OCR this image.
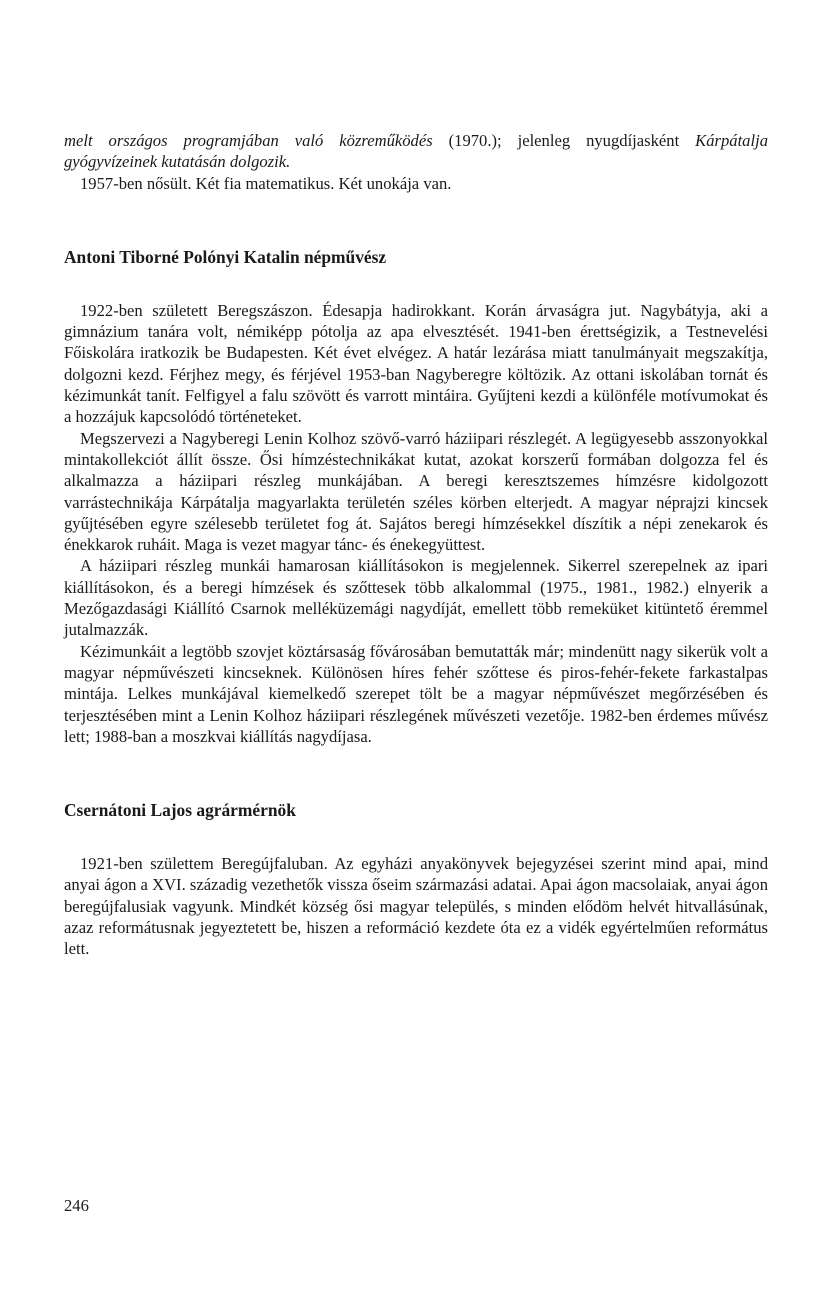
melt országos programjában való közreműködés (1970.); jelenleg nyugdíjasként Kárpátalja gyógyvízeinek kutatásán dolgozik.

1957-ben nősült. Két fia matematikus. Két unokája van.

Antoni Tiborné Polónyi Katalin népművész

1922-ben született Beregszászon. Édesapja hadirokkant. Korán árvaságra jut. Nagybátyja, aki a gimnázium tanára volt, némiképp pótolja az apa elvesztését. 1941-ben érettségizik, a Testnevelési Főiskolára iratkozik be Budapesten. Két évet elvégez. A határ lezárása miatt tanulmányait megszakítja, dolgozni kezd. Férjhez megy, és férjével 1953-ban Nagyberegre költözik. Az ottani iskolában tornát és kézimunkát tanít. Felfigyel a falu szövött és varrott mintáira. Gyűjteni kezdi a különféle motívumokat és a hozzájuk kapcsolódó történeteket.

Megszervezi a Nagyberegi Lenin Kolhoz szövő-varró háziipari részlegét. A legügyesebb asszonyokkal mintakollekciót állít össze. Ősi hímzéstechnikákat kutat, azokat korszerű formában dolgozza fel és alkalmazza a háziipari részleg munkájában. A beregi keresztszemes hímzésre kidolgozott varrástechnikája Kárpátalja magyarlakta területén széles körben elterjedt. A magyar néprajzi kincsek gyűjtésében egyre szélesebb területet fog át. Sajátos beregi hímzésekkel díszítik a népi zenekarok és énekkarok ruháit. Maga is vezet magyar tánc- és énekegyüttest.

A háziipari részleg munkái hamarosan kiállításokon is megjelennek. Sikerrel szerepelnek az ipari kiállításokon, és a beregi hímzések és szőttesek több alkalommal (1975., 1981., 1982.) elnyerik a Mezőgazdasági Kiállító Csarnok melléküzemági nagydíját, emellett több remeküket kitüntető éremmel jutalmazzák.

Kézimunkáit a legtöbb szovjet köztársaság fővárosában bemutatták már; mindenütt nagy sikerük volt a magyar népművészeti kincseknek. Különösen híres fehér szőttese és piros-fehér-fekete farkastalpas mintája. Lelkes munkájával kiemelkedő szerepet tölt be a magyar népművészet megőrzésében és terjesztésében mint a Lenin Kolhoz háziipari részlegének művészeti vezetője. 1982-ben érdemes művész lett; 1988-ban a moszkvai kiállítás nagydíjasa.

Csernátoni Lajos agrármérnök

1921-ben születtem Beregújfaluban. Az egyházi anyakönyvek bejegyzései szerint mind apai, mind anyai ágon a XVI. századig vezethetők vissza őseim származási adatai. Apai ágon macsolaiak, anyai ágon beregújfalusiak vagyunk. Mindkét község ősi magyar település, s minden elődöm helvét hitvallásúnak, azaz reformátusnak jegyeztetett be, hiszen a reformáció kezdete óta ez a vidék egyértelműen református lett.

246
